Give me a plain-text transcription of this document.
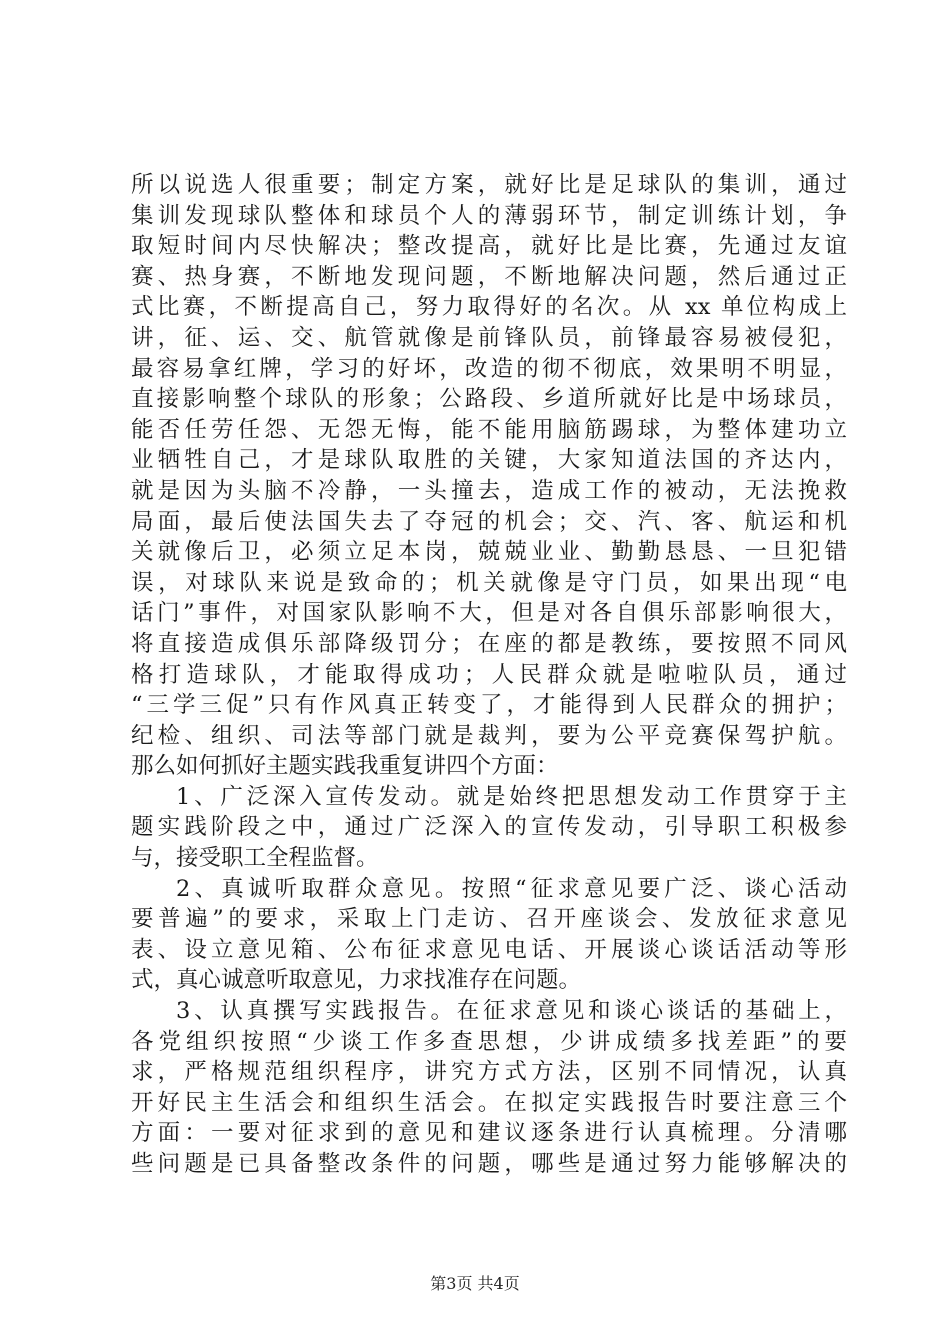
所以说选人很重要；制定方案，就好比是足球队的集训，通过
集训发现球队整体和球员个人的薄弱环节，制定训练计划，争
取短时间内尽快解决；整改提高，就好比是比赛，先通过友谊
赛、热身赛，不断地发现问题，不断地解决问题，然后通过正
式比赛，不断提高自己，努力取得好的名次。从 xx 单位构成上
讲，征、运、交、航管就像是前锋队员，前锋最容易被侵犯，
最容易拿红牌，学习的好坏，改造的彻不彻底，效果明不明显，
直接影响整个球队的形象；公路段、乡道所就好比是中场球员，
能否任劳任怨、无怨无悔，能不能用脑筋踢球，为整体建功立
业牺牲自己，才是球队取胜的关键，大家知道法国的齐达内，
就是因为头脑不冷静，一头撞去，造成工作的被动，无法挽救
局面，最后使法国失去了夺冠的机会；交、汽、客、航运和机
关就像后卫，必须立足本岗，兢兢业业、勤勤恳恳、一旦犯错
误，对球队来说是致命的；机关就像是守门员，如果出现“电
话门”事件，对国家队影响不大，但是对各自俱乐部影响很大，
将直接造成俱乐部降级罚分；在座的都是教练，要按照不同风
格打造球队，才能取得成功；人民群众就是啦啦队员，通过
“三学三促”只有作风真正转变了，才能得到人民群众的拥护；
纪检、组织、司法等部门就是裁判，要为公平竞赛保驾护航。
那么如何抓好主题实践我重复讲四个方面：
1、广泛深入宣传发动。就是始终把思想发动工作贯穿于主
题实践阶段之中，通过广泛深入的宣传发动，引导职工积极参
与，接受职工全程监督。
2、真诚听取群众意见。按照“征求意见要广泛、谈心活动
要普遍”的要求，采取上门走访、召开座谈会、发放征求意见
表、设立意见箱、公布征求意见电话、开展谈心谈话活动等形
式，真心诚意听取意见，力求找准存在问题。
3、认真撰写实践报告。在征求意见和谈心谈话的基础上，
各党组织按照“少谈工作多查思想，少讲成绩多找差距”的要
求，严格规范组织程序，讲究方式方法，区别不同情况，认真
开好民主生活会和组织生活会。在拟定实践报告时要注意三个
方面：一要对征求到的意见和建议逐条进行认真梳理。分清哪
些问题是已具备整改条件的问题，哪些是通过努力能够解决的
第3页 共4页
